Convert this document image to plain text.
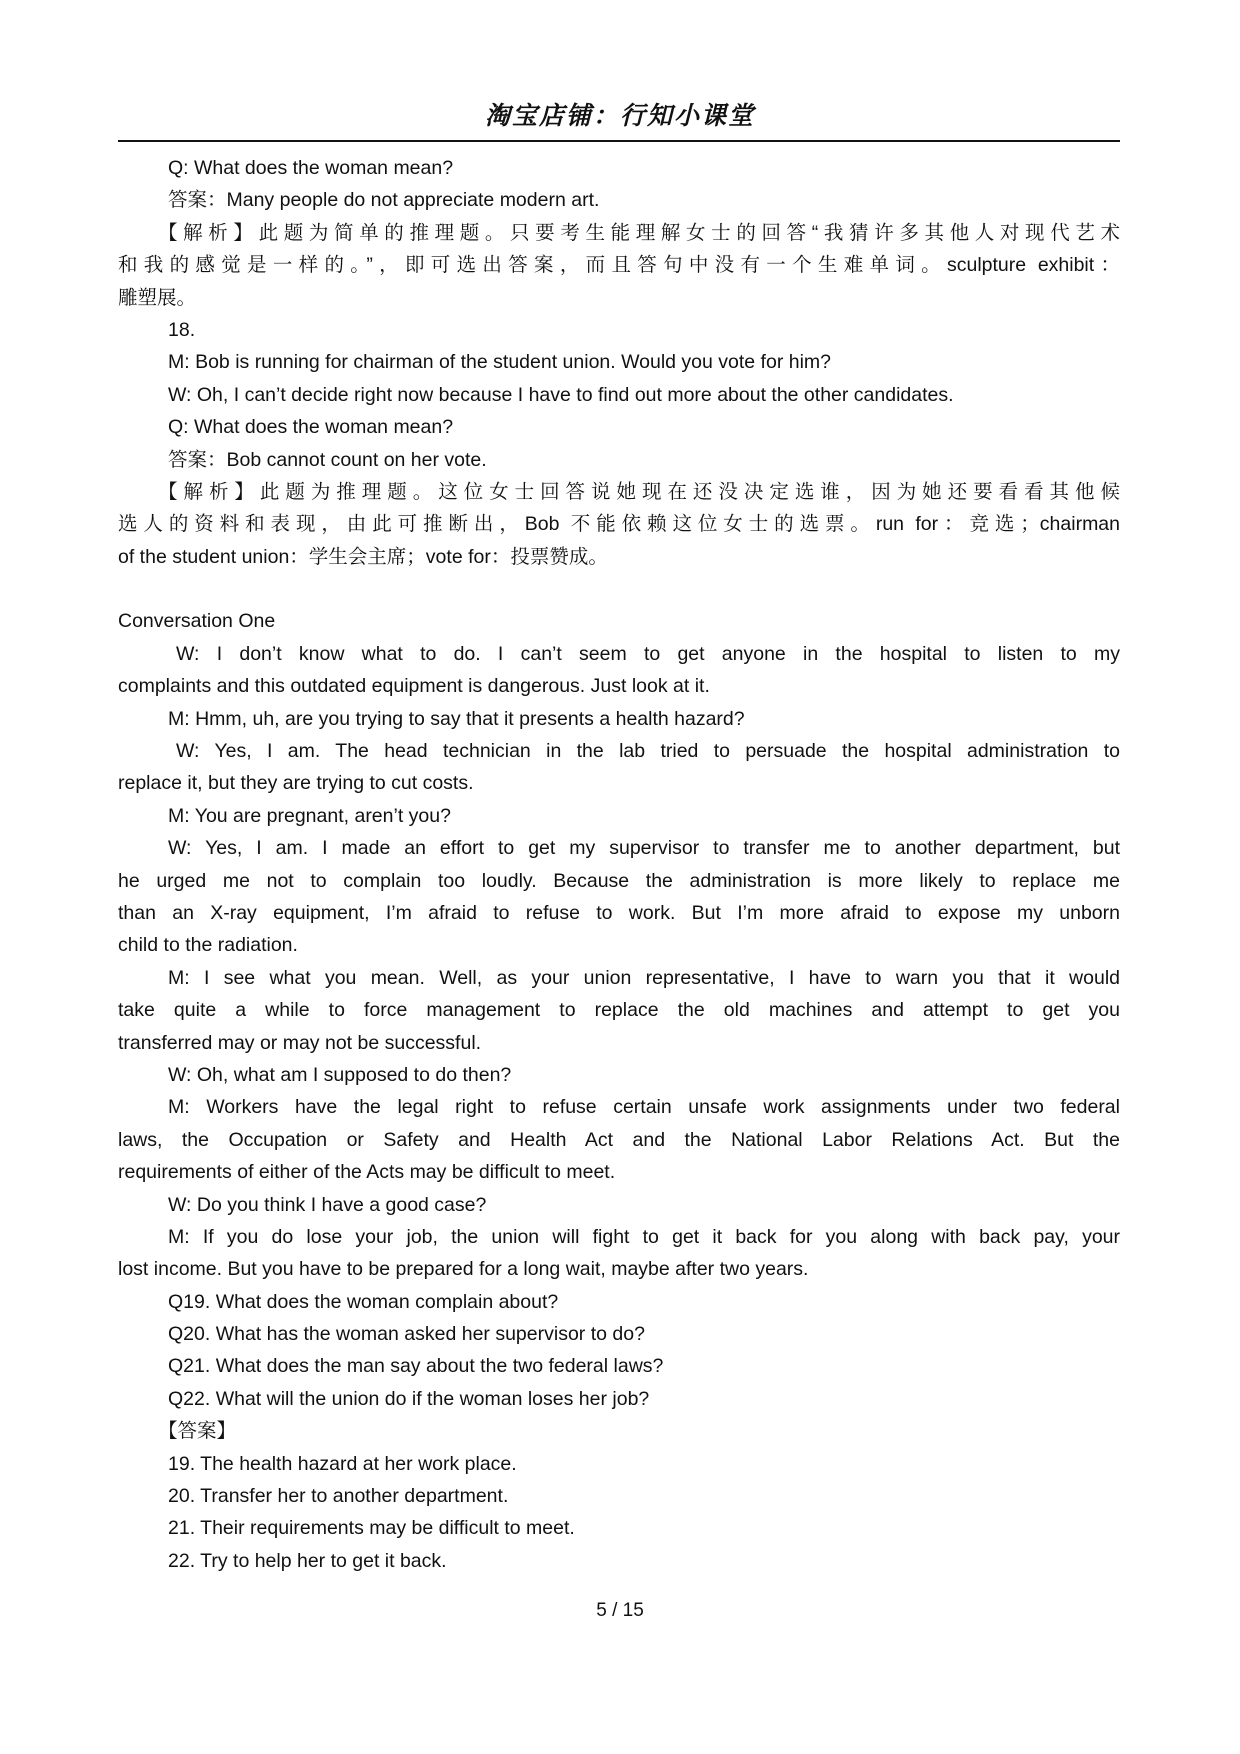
淘宝店铺：行知小课堂
Q: What does the woman mean?
答案：Many people do not appreciate modern art.
【解析】此题为简单的推理题。只要考生能理解女士的回答“我猜许多其他人对现代艺术
和我的感觉是一样的。”，即可选出答案，而且答句中没有一个生难单词。sculpture exhibit：
雕塑展。
18.
M: Bob is running for chairman of the student union. Would you vote for him?
W: Oh, I can’t decide right now because I have to find out more about the other candidates.
Q: What does the woman mean?
答案：Bob cannot count on her vote.
【解析】此题为推理题。这位女士回答说她现在还没决定选谁，因为她还要看看其他候
选人的资料和表现，由此可推断出，Bob 不能依赖这位女士的选票。run for：竞选；chairman
of the student union：学生会主席；vote for：投票赞成。
Conversation One
W: I don’t know what to do. I can’t seem to get anyone in the hospital to listen to my
complaints and this outdated equipment is dangerous. Just look at it.
M: Hmm, uh, are you trying to say that it presents a health hazard?
W: Yes, I am. The head technician in the lab tried to persuade the hospital administration to
replace it, but they are trying to cut costs.
M: You are pregnant, aren’t you?
W: Yes, I am. I made an effort to get my supervisor to transfer me to another department, but
he urged me not to complain too loudly. Because the administration is more likely to replace me
than an X-ray equipment, I’m afraid to refuse to work. But I’m more afraid to expose my unborn
child to the radiation.
M: I see what you mean. Well, as your union representative, I have to warn you that it would
take quite a while to force management to replace the old machines and attempt to get you
transferred may or may not be successful.
W: Oh, what am I supposed to do then?
M: Workers have the legal right to refuse certain unsafe work assignments under two federal
laws, the Occupation or Safety and Health Act and the National Labor Relations Act. But the
requirements of either of the Acts may be difficult to meet.
W: Do you think I have a good case?
M: If you do lose your job, the union will fight to get it back for you along with back pay, your
lost income. But you have to be prepared for a long wait, maybe after two years.
Q19. What does the woman complain about?
Q20. What has the woman asked her supervisor to do?
Q21. What does the man say about the two federal laws?
Q22. What will the union do if the woman loses her job?
【答案】
19. The health hazard at her work place.
20. Transfer her to another department.
21. Their requirements may be difficult to meet.
22. Try to help her to get it back.
5 / 15
